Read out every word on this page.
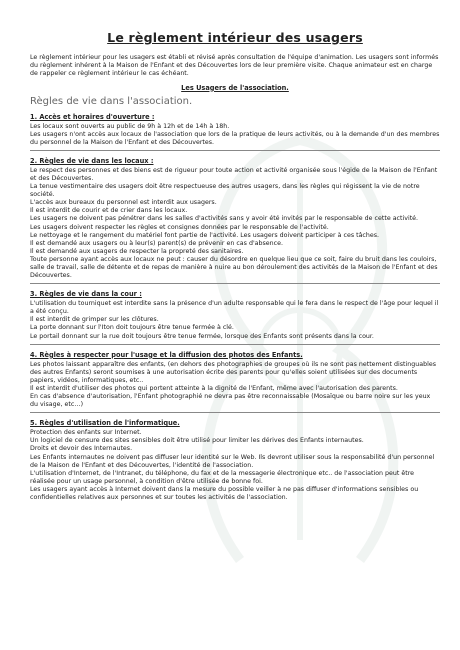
Le règlement intérieur des usagers

Le règlement intérieur pour les usagers est établi et révisé après consultation de l'équipe d'animation. Les usagers sont informés du règlement inhérent à la Maison de l'Enfant et des Découvertes lors de leur première visite. Chaque animateur est en charge de rappeler ce règlement intérieur le cas échéant.

Les Usagers de l'association.
Règles de vie dans l'association.
1. Accès et horaires d'ouverture :
Les locaux sont ouverts au public de 9h à 12h et de 14h à 18h.
Les usagers n'ont accès aux locaux de l'association que lors de la pratique de leurs activités, ou à la demande d'un des membres du personnel de la Maison de l'Enfant et des Découvertes.
2. Règles de vie dans les locaux :
Le respect des personnes et des biens est de rigueur pour toute action et activité organisée sous l'égide de la Maison de l'Enfant et des Découvertes.
La tenue vestimentaire des usagers doit être respectueuse des autres usagers, dans les règles qui régissent la vie de notre société.
L'accès aux bureaux du personnel est interdit aux usagers.
Il est interdit de courir et de crier dans les locaux.
Les usagers ne doivent pas pénétrer dans les salles d'activités sans y avoir été invités par le responsable de cette activité.
Les usagers doivent respecter les règles et consignes données par le responsable de l'activité.
Le nettoyage et le rangement du matériel font partie de l'activité. Les usagers doivent participer à ces tâches.
Il est demandé aux usagers ou à leur(s) parent(s) de prévenir en cas d'absence.
Il est demandé aux usagers de respecter la propreté des sanitaires.
Toute personne ayant accès aux locaux ne peut : causer du désordre en quelque lieu que ce soit, faire du bruit dans les couloirs, salle de travail, salle de détente et de repas de manière à nuire au bon déroulement des activités de la Maison de l'Enfant et des Découvertes.
3. Règles de vie dans la cour :
L'utilisation du tourniquet est interdite sans la présence d'un adulte responsable qui le fera dans le respect de l'âge pour lequel il a été conçu.
Il est interdit de grimper sur les clôtures.
La porte donnant sur l'Iton doit toujours être tenue fermée à clé.
Le portail donnant sur la rue doit toujours être tenue fermée, lorsque des Enfants sont présents dans la cour.
4. Règles à respecter pour l'usage et la diffusion des photos des Enfants.
Les photos laissant apparaître des enfants, (en dehors des photographies de groupes où ils ne sont pas nettement distinguables des autres Enfants) seront soumises à une autorisation écrite des parents pour qu'elles soient utilisées sur des documents papiers, vidéos, informatiques, etc..
Il est interdit d'utiliser des photos qui portent atteinte à la dignité de l'Enfant, même avec l'autorisation des parents.
En cas d'absence d'autorisation, l'Enfant photographié ne devra pas être reconnaissable (Mosaïque ou barre noire sur les yeux du visage, etc…)
5. Règles d'utilisation de l'informatique.
Protection des enfants sur Internet.
Un logiciel de censure des sites sensibles doit être utilisé pour limiter les dérives des Enfants internautes.
Droits et devoir des Internautes.
Les Enfants internautes ne doivent pas diffuser leur identité sur le Web. Ils devront utiliser sous la responsabilité d'un personnel de la Maison de l'Enfant et des Découvertes, l'identité de l'association.
L'utilisation d'Internet, de l'Intranet, du téléphone, du fax et de la messagerie électronique etc.. de l'association peut être réalisée pour un usage personnel, à condition d'être utilisée de bonne foi.
Les usagers ayant accès à Internet doivent dans la mesure du possible veiller à ne pas diffuser d'informations sensibles ou confidentielles relatives aux personnes et sur toutes les activités de l'association.
